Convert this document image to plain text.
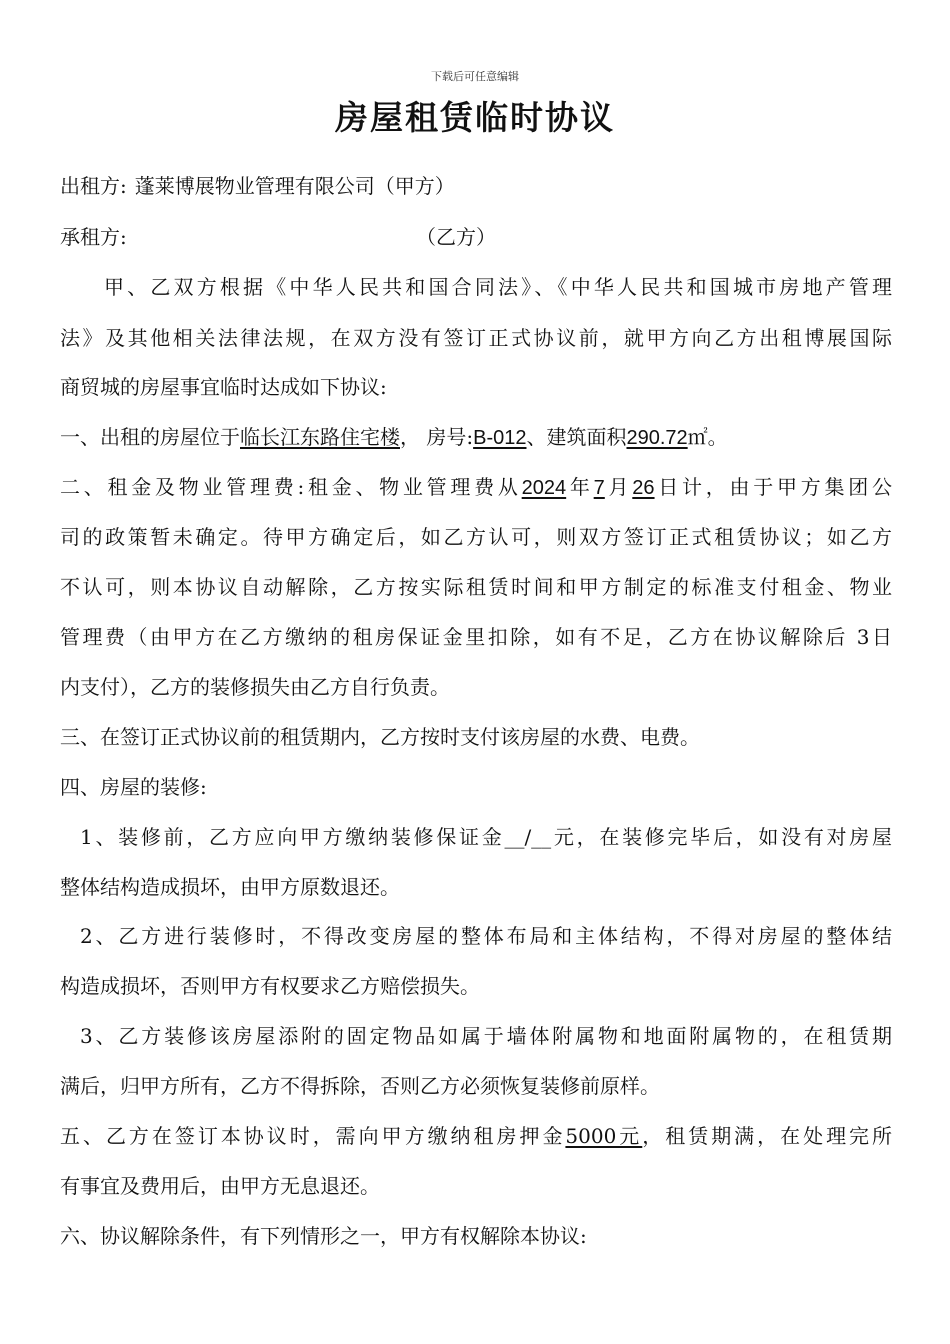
下载后可任意编辑
房屋租赁临时协议
出租方: 蓬莱博展物业管理有限公司（甲方）
承租方:	（乙方）
甲、乙双方根据《中华人民共和国合同法》、《中华人民共和国城市房地产管理
法》及其他相关法律法规，在双方没有签订正式协议前，就甲方向乙方出租博展国际
商贸城的房屋事宜临时达成如下协议:
一、出租的房屋位于临长江东路住宅楼， 房号:B-012、建筑面积290.72㎡。
二、租金及物业管理费:租金、物业管理费从2024年7月26日计，由于甲方集团公
司的政策暂未确定。待甲方确定后，如乙方认可，则双方签订正式租赁协议；如乙方
不认可，则本协议自动解除，乙方按实际租赁时间和甲方制定的标准支付租金、物业
管理费（由甲方在乙方缴纳的租房保证金里扣除，如有不足，乙方在协议解除后 3日
内支付），乙方的装修损失由乙方自行负责。
三、在签订正式协议前的租赁期内，乙方按时支付该房屋的水费、电费。
四、房屋的装修:
1、装修前，乙方应向甲方缴纳装修保证金__/__元，在装修完毕后，如没有对房屋
整体结构造成损坏，由甲方原数退还。
2、乙方进行装修时，不得改变房屋的整体布局和主体结构，不得对房屋的整体结
构造成损坏，否则甲方有权要求乙方赔偿损失。
3、乙方装修该房屋添附的固定物品如属于墙体附属物和地面附属物的，在租赁期
满后，归甲方所有，乙方不得拆除，否则乙方必须恢复装修前原样。
五、乙方在签订本协议时，需向甲方缴纳租房押金5000元，租赁期满，在处理完所
有事宜及费用后，由甲方无息退还。
六、协议解除条件，有下列情形之一，甲方有权解除本协议:
